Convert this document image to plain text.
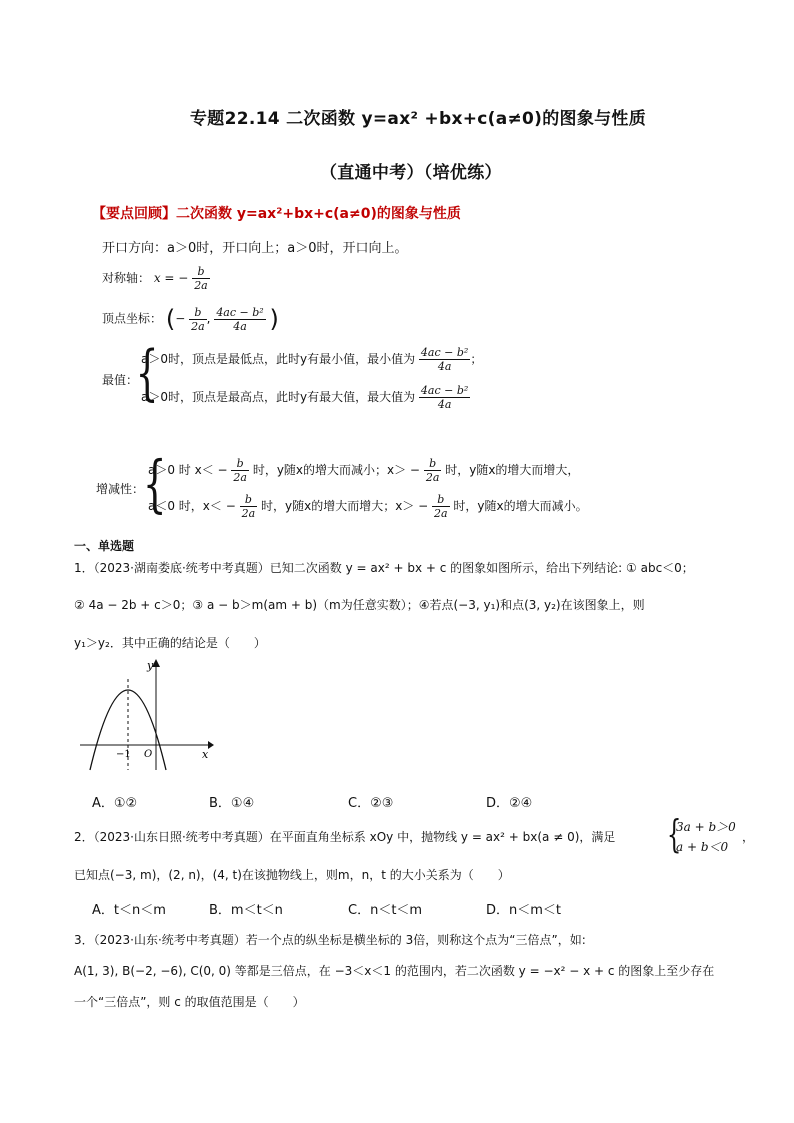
专题22.14 二次函数 y=ax² +bx+c(a≠0)的图象与性质
（直通中考）（培优练）
【要点回顾】二次函数 y=ax²+bx+c(a≠0)的图象与性质
开口方向：a＞0时，开口向上；a＞0时，开口向上。
对称轴： x = − $\frac{b}{2a}$
顶点坐标： (− $\frac{b}{2a}$ , $\frac{\text{4ac − b²}}{4a}$ )
最值：
{
a＞0时，顶点是最低点，此时y有最小值，最小值为 $\frac{\text{4ac − b²}}{4a}$ ；
a＞0时，顶点是最高点，此时y有最大值，最大值为 $\frac{\text{4ac − b²}}{4a}$
增减性：
{
a＞0 时 $x< - \frac{b}{2a}$ 时，y随x的增大而减小；$x> - \frac{b}{2a}$ 时，y随x的增大而增大，
a＜0 时，$x< - \frac{b}{2a}$ 时，y随x的增大而增大；$x> - \frac{b}{2a}$ 时，y随x的增大而减小。
一、单选题
1．（2023·湖南娄底·统考中考真题）已知二次函数 y = ax² + bx + c 的图象如图所示，给出下列结论: ① abc＜0；
② 4a − 2b + c＞0；③ a − b＞m(am + b)（m为任意实数）；④若点(−3, y₁)和点(3, y₂)在该图象上，则
y₁＞y₂．其中正确的结论是（　　）
y
x
O
−1
A．①②	B．①④	C．②③	D．②④
2．（2023·山东日照·统考中考真题）在平面直角坐标系 xOy 中，抛物线 y = ax² + bx(a ≠ 0)，满足 {
3a + b＞0
a + b＜0
，
已知点(−3, m)，(2, n)，(4, t)在该抛物线上，则m，n，t 的大小关系为（　　）
A．t＜n＜m	B．m＜t＜n	C．n＜t＜m	D．n＜m＜t
3．（2023·山东·统考中考真题）若一个点的纵坐标是横坐标的 3倍，则称这个点为“三倍点”，如:
A(1, 3), B(−2, −6), C(0, 0) 等都是三倍点，在 −3＜x＜1 的范围内，若二次函数 y = −x² − x + c 的图象上至少存在
一个“三倍点”，则 c 的取值范围是（　　）
